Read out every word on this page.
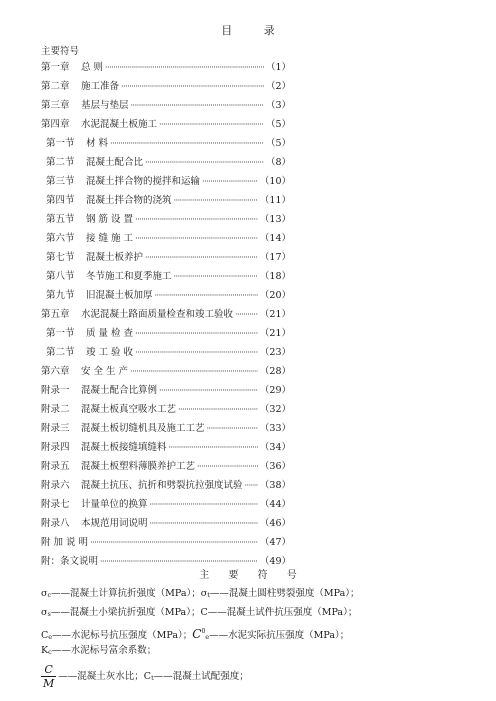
目 录
主要符号
第一章	总 则 ·····	（1）
第二章	施工准备 ·····	（2）
第三章	基层与垫层 ·····	（3）
第四章	水泥混凝土板施工 ·····	（5）
第一节	材 料 ·····	（5）
第二节	混凝土配合比 ·····	（8）
第三节	混凝土拌合物的搅拌和运输 ·····	（10）
第四节	混凝土拌合物的浇筑 ·····	（11）
第五节	钢 筋 设 置 ·····	（13）
第六节	接 缝 施 工 ·····	（14）
第七节	混凝土板养护 ·····	（17）
第八节	冬节施工和夏季施工 ·····	（18）
第九节	旧混凝土板加厚 ·····	（20）
第五章	水泥混凝土路面质量检查和竣工验收 ·····	（21）
第一节	质 量 检 查 ·····	（21）
第二节	竣 工 验 收 ·····	（23）
第六章	安 全 生 产 ·····	（28）
附录一	混凝土配合比算例 ·····	（29）
附录二	混凝土板真空吸水工艺 ·····	（32）
附录三	混凝土板切缝机具及施工工艺 ·····	（33）
附录四	混凝土板接缝填缝料 ·····	（34）
附录五	混凝土板塑料薄膜养护工艺 ·····	（36）
附录六	混凝土抗压、抗折和劈裂抗拉强度试验 ····· （38）
附录七	计量单位的换算 ·····	（44）
附录八	本规范用词说明 ·····	（46）
附 加 说 明 ·····	（47）
附：条文说明 ·····	（49）
主 要 符 号
σc——混凝土计算抗折强度（MPa）；σt——混凝土圆柱劈裂强度（MPa）；
σs——混凝土小梁抗折强度（MPa）；C——混凝土试件抗压强度（MPa）；
Ce——水泥标号抗压强度（MPa）；$C^0e——$水泥实际抗压强度（MPa）；
Kc——水泥标号富余系数；
$\frac{C}{M}$ ——混凝土灰水比；Ct——混凝土试配强度；
